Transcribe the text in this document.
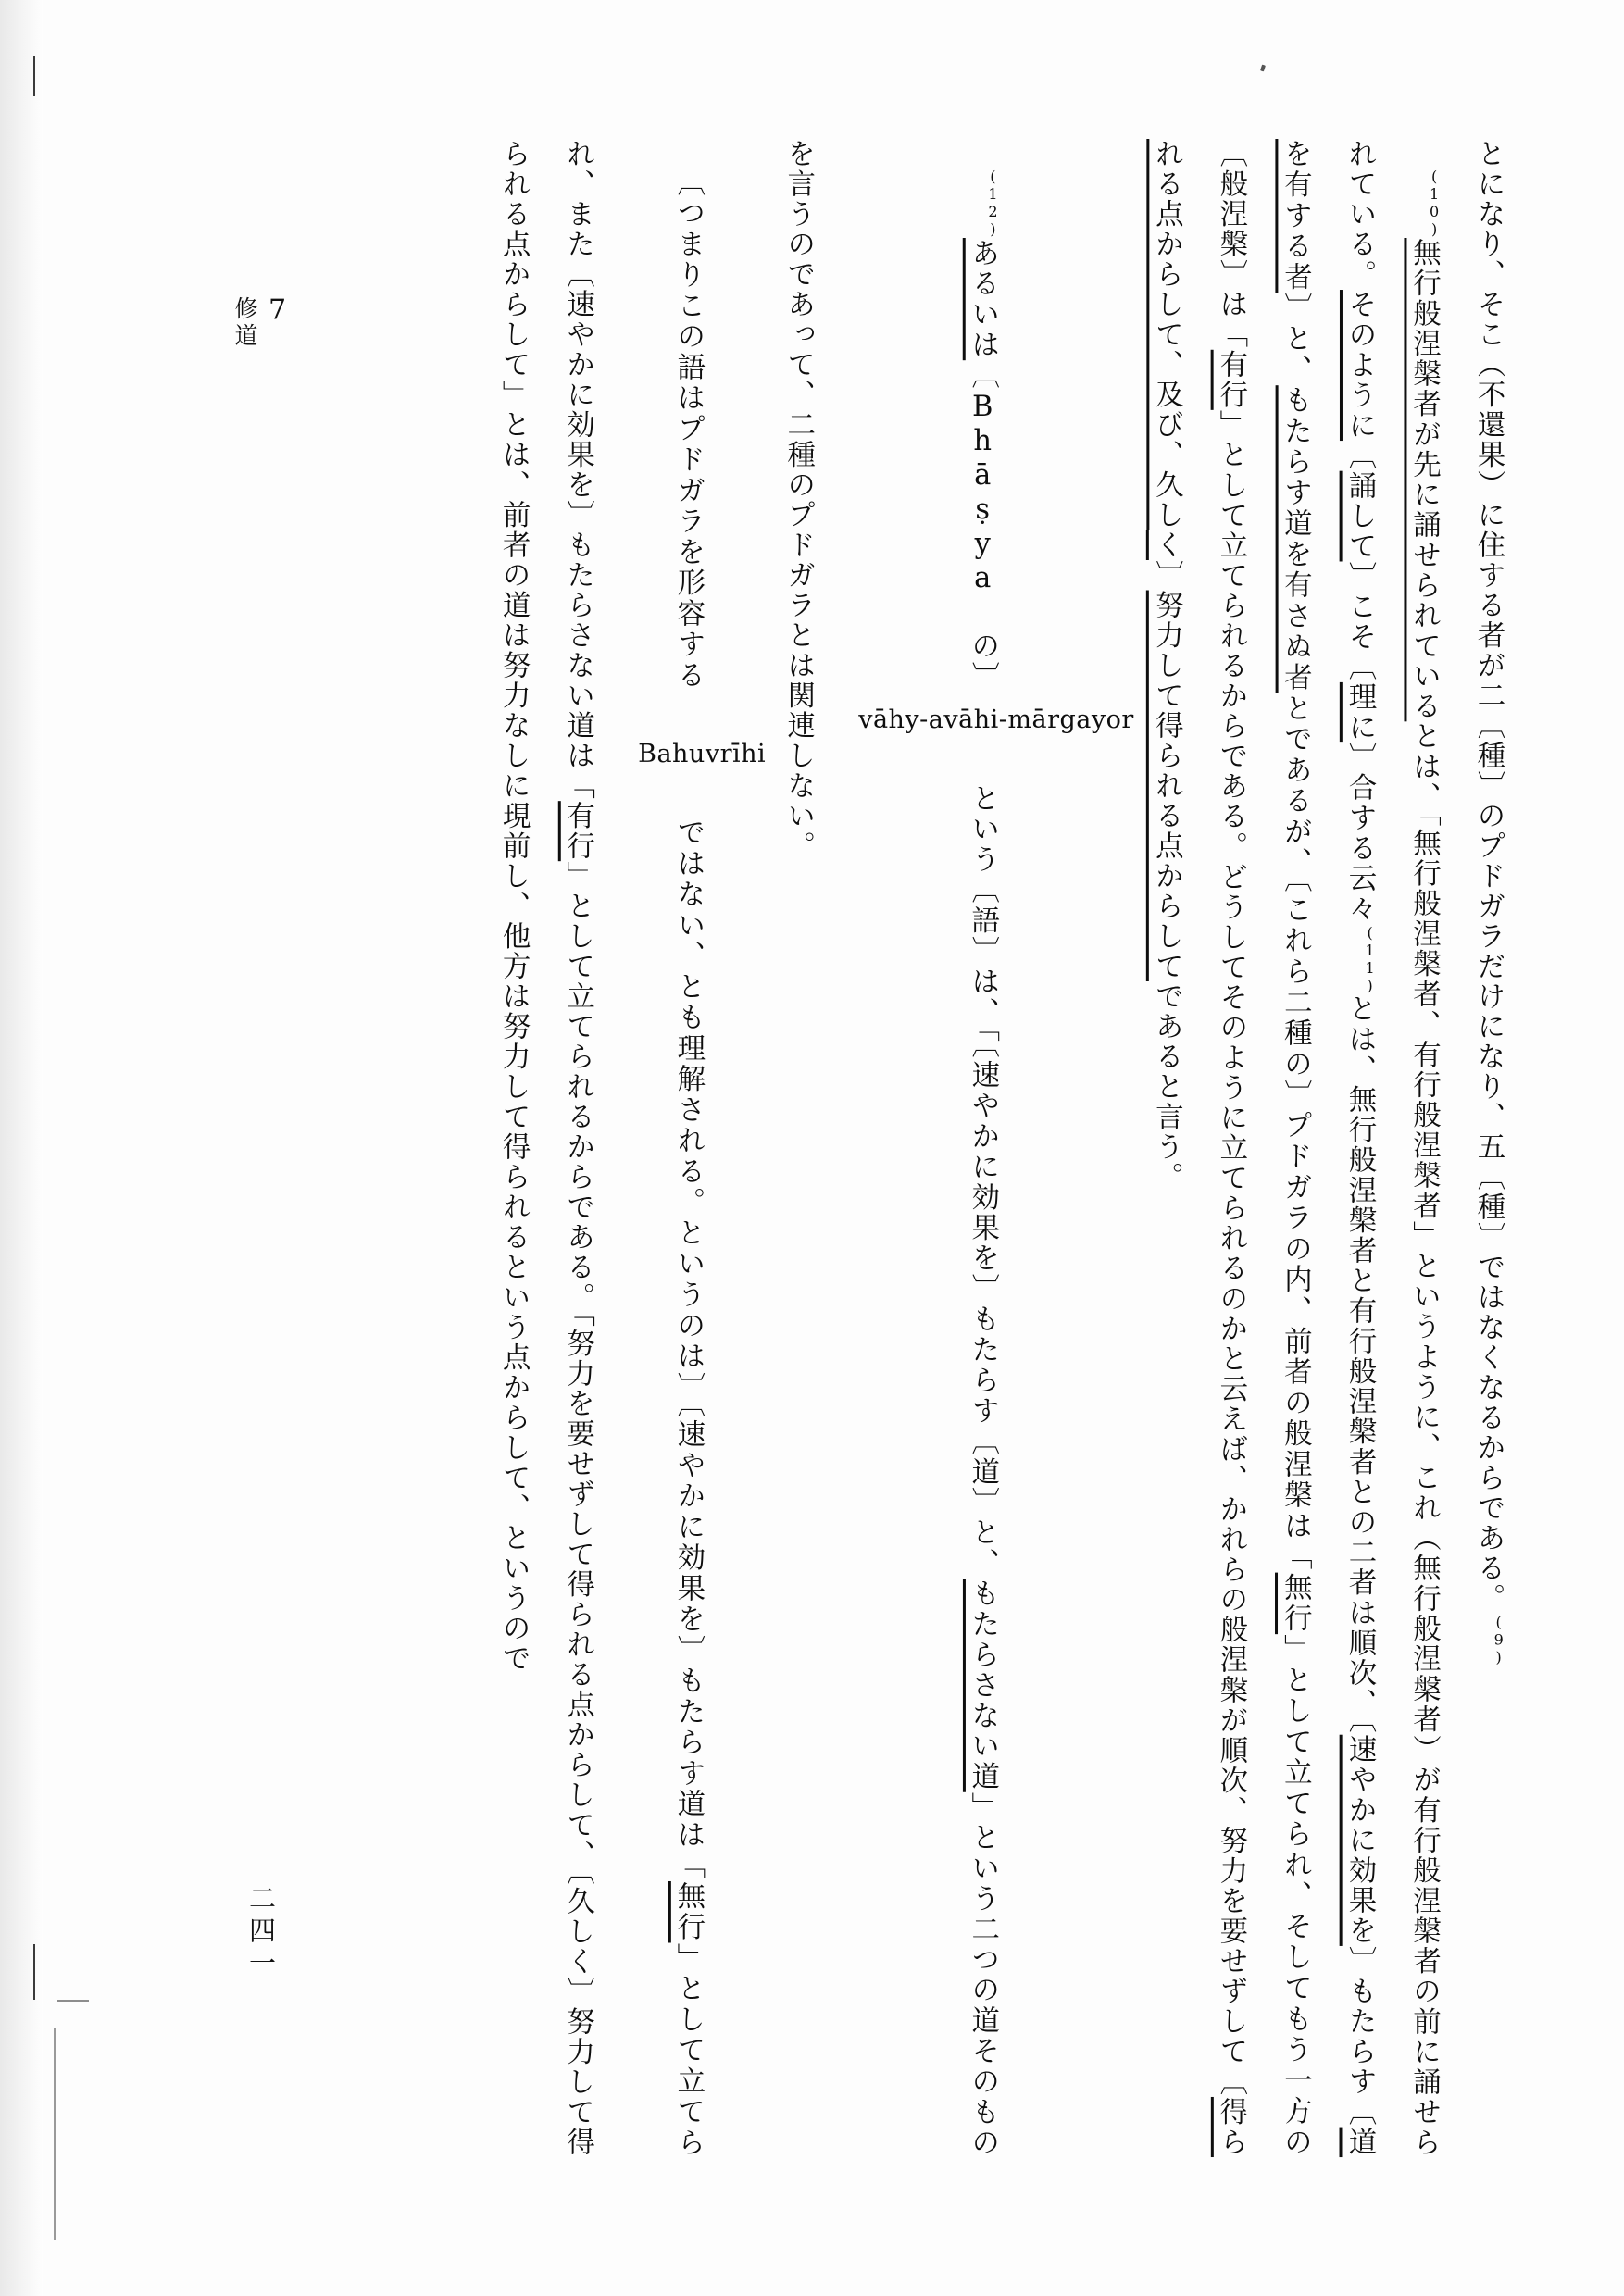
7
修道
二四一

とになり、そこ（不還果）に住する者が二〔種〕のプドガラだけになり、五〔種〕ではなくなるからである。$^{(9)}$

$^{(10)}$無行般涅槃者が先に誦せられているとは、「無行般涅槃者、有行般涅槃者」というように、これ（無行般涅槃者）が有行般涅槃者の前に誦せられている。そのように〔誦して〕こそ〔理に〕合する云々$^{(11)}$とは、無行般涅槃者と有行般涅槃者との二者は順次、〔速やかに効果を〕もたらす〔道を有する者〕と、もたらす道を有さぬ者とであるが、〔これら二種の〕プドガラの内、前者の般涅槃は「無行」として立てられ、そしてもう一方の〔般涅槃〕は「有行」として立てられるからである。どうしてそのように立てられるのかと云えば、かれらの般涅槃が順次、努力を要せずして〔得られる点からして、及び、久しく〕努力して得られる点からしてであると言う。

$^{(12)}$あるいは〔Bhāṣya の〕vāhy-avāhi-mārgayor という〔語〕は、「〔速やかに効果を〕もたらす〔道〕と、もたらさない道」という二つの道そのものを言うのであって、二種のプドガラとは関連しない。

〔つまりこの語はプドガラを形容する Bahuvrīhi ではない、とも理解される。というのは〕〔速やかに効果を〕もたらす道は「無行」として立てられ、また〔速やかに効果を〕もたらさない道は「有行」として立てられるからである。「努力を要せずして得られる点からして、〔久しく〕努力して得られる点からして」とは、前者の道は努力なしに現前し、他方は努力して得られるという点からして、というので
